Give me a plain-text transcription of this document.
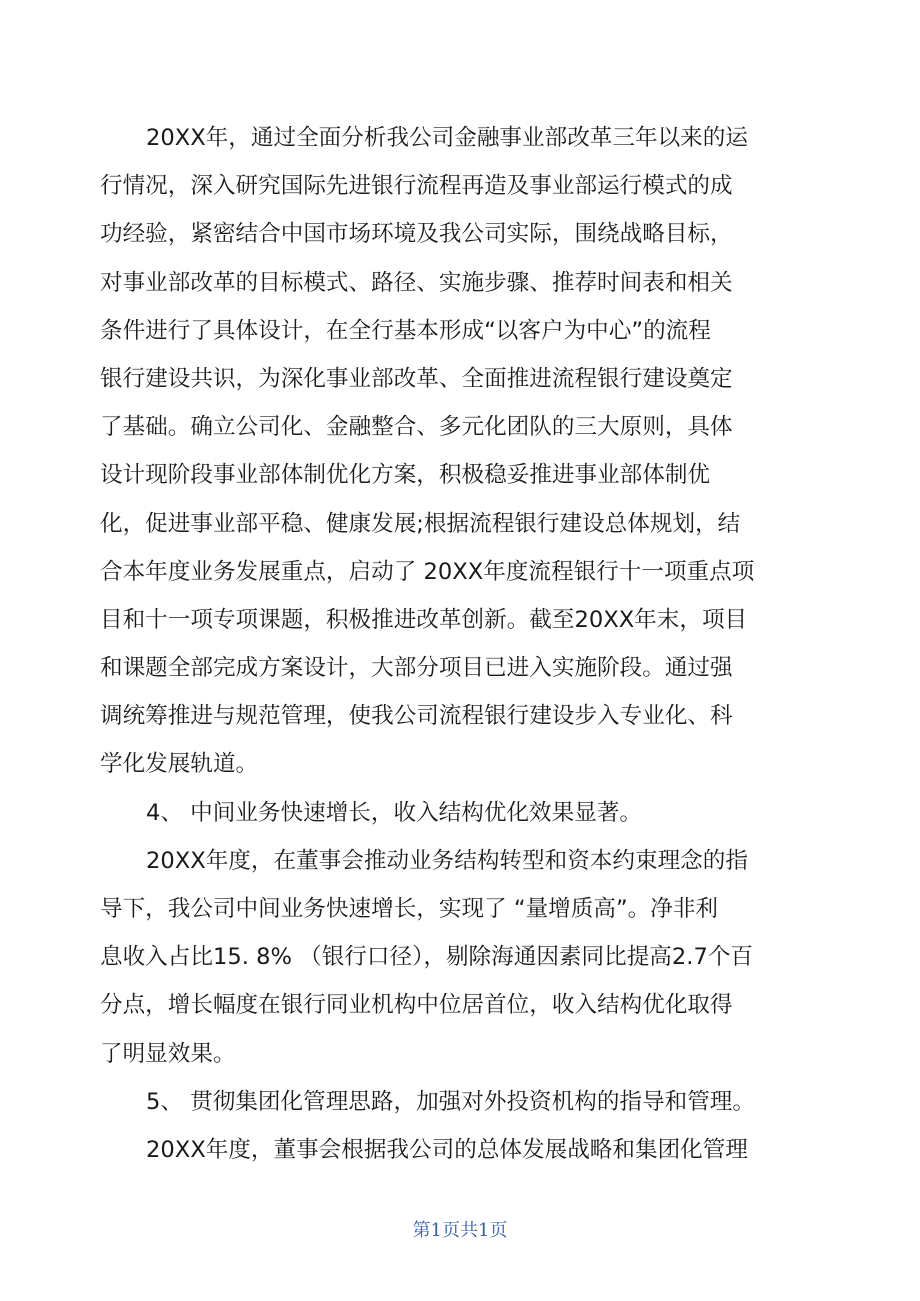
20XX年，通过全面分析我公司金融事业部改革三年以来的运
行情况，深入研究国际先进银行流程再造及事业部运行模式的成
功经验，紧密结合中国市场环境及我公司实际，围绕战略目标，
对事业部改革的目标模式、路径、实施步骤、推荐时间表和相关
条件进行了具体设计，在全行基本形成“以客户为中心”的流程
银行建设共识，为深化事业部改革、全面推进流程银行建设奠定
了基础。确立公司化、金融整合、多元化团队的三大原则，具体
设计现阶段事业部体制优化方案，积极稳妥推进事业部体制优
化，促进事业部平稳、健康发展;根据流程银行建设总体规划，结
合本年度业务发展重点，启动了 20XX年度流程银行十一项重点项
目和十一项专项课题，积极推进改革创新。截至20XX年末，项目
和课题全部完成方案设计，大部分项目已进入实施阶段。通过强
调统筹推进与规范管理，使我公司流程银行建设步入专业化、科
学化发展轨道。
4、 中间业务快速增长，收入结构优化效果显著。
20XX年度，在董事会推动业务结构转型和资本约束理念的指
导下，我公司中间业务快速增长，实现了 “量增质高”。净非利
息收入占比15. 8% （银行口径），剔除海通因素同比提高2.7个百
分点，增长幅度在银行同业机构中位居首位，收入结构优化取得
了明显效果。
5、 贯彻集团化管理思路，加强对外投资机构的指导和管理。
20XX年度，董事会根据我公司的总体发展战略和集团化管理
第1页共1页
